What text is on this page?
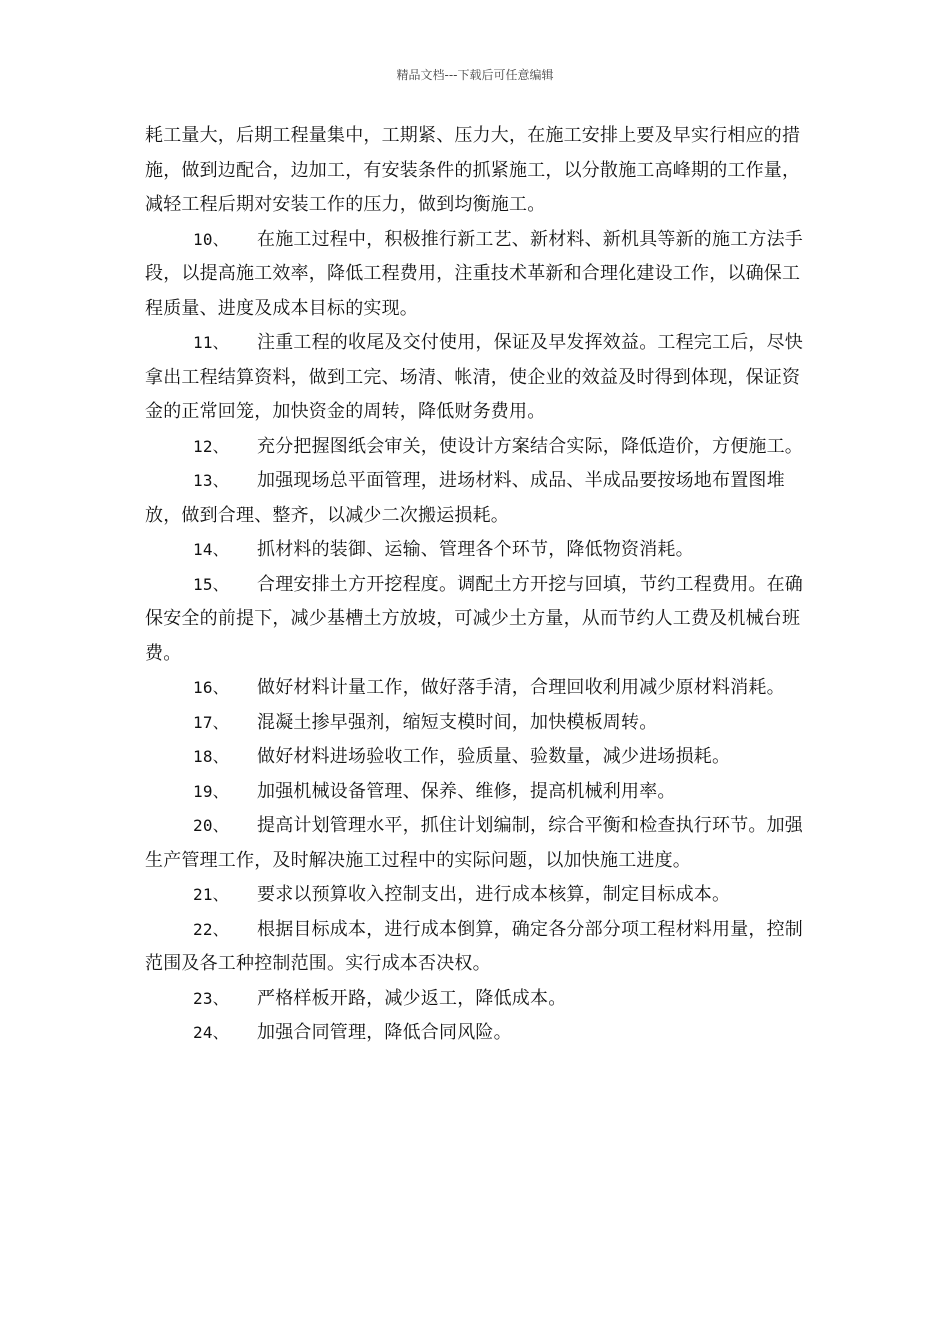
精品文档---下载后可任意编辑

耗工量大，后期工程量集中，工期紧、压力大，在施工安排上要及早实行相应的措施，做到边配合，边加工，有安装条件的抓紧施工，以分散施工高峰期的工作量，减轻工程后期对安装工作的压力，做到均衡施工。

10、 在施工过程中，积极推行新工艺、新材料、新机具等新的施工方法手段，以提高施工效率，降低工程费用，注重技术革新和合理化建设工作，以确保工程质量、进度及成本目标的实现。

11、 注重工程的收尾及交付使用，保证及早发挥效益。工程完工后，尽快拿出工程结算资料，做到工完、场清、帐清，使企业的效益及时得到体现，保证资金的正常回笼，加快资金的周转，降低财务费用。

12、 充分把握图纸会审关，使设计方案结合实际，降低造价，方便施工。

13、 加强现场总平面管理，进场材料、成品、半成品要按场地布置图堆放，做到合理、整齐，以减少二次搬运损耗。

14、 抓材料的装御、运输、管理各个环节，降低物资消耗。

15、 合理安排土方开挖程度。调配土方开挖与回填，节约工程费用。在确保安全的前提下，减少基槽土方放坡，可减少土方量，从而节约人工费及机械台班费。

16、 做好材料计量工作，做好落手清，合理回收利用减少原材料消耗。

17、 混凝土掺早强剂，缩短支模时间，加快模板周转。

18、 做好材料进场验收工作，验质量、验数量，减少进场损耗。

19、 加强机械设备管理、保养、维修，提高机械利用率。

20、 提高计划管理水平，抓住计划编制，综合平衡和检查执行环节。加强生产管理工作，及时解决施工过程中的实际问题，以加快施工进度。

21、 要求以预算收入控制支出，进行成本核算，制定目标成本。

22、 根据目标成本，进行成本倒算，确定各分部分项工程材料用量，控制范围及各工种控制范围。实行成本否决权。

23、 严格样板开路，减少返工，降低成本。

24、 加强合同管理，降低合同风险。
